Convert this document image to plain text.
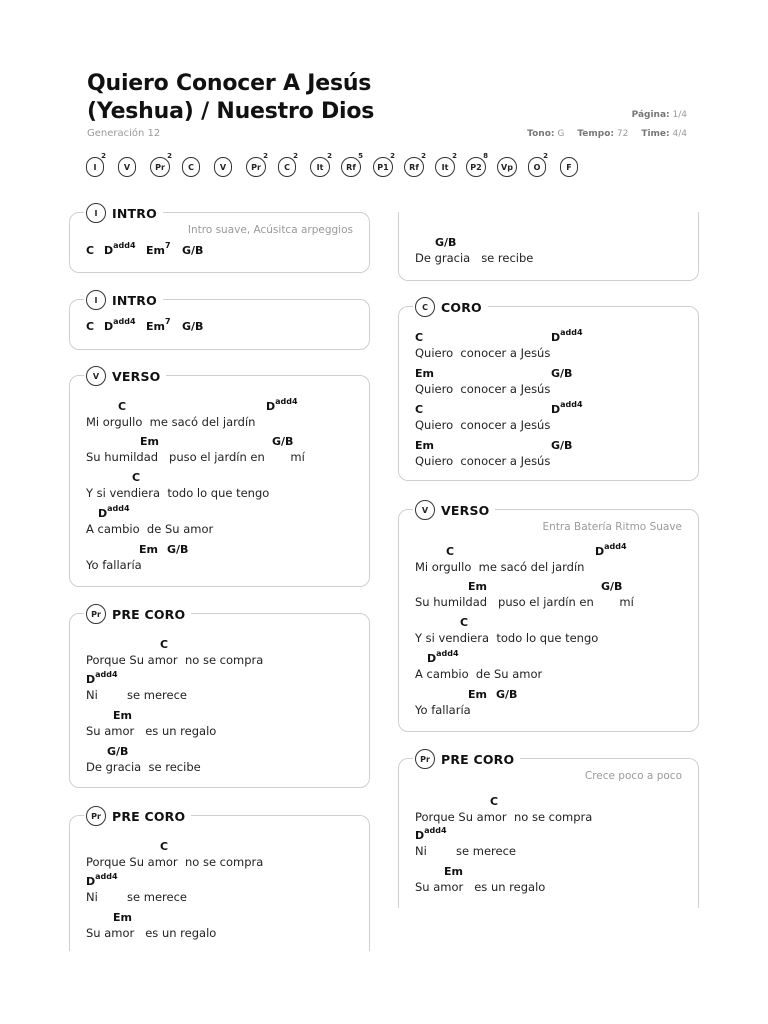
Quiero Conocer A Jesús
(Yeshua) / Nuestro Dios
Generación 12
Página: 1/4
Tono: G Tempo: 72 Time: 4/4
I
2
V	Pr
2
C	V	Pr
2
C
2
It
2
Rf
5
P1
2
Rf
2
It
2
P2
8
Vp	O
2
F
I	INTRO
Intro suave, Acúsitca arpeggios
C $D^{add4}$ Em$^7$ G/B
I	INTRO
C $D^{add4}$ Em$^7$ G/B
V	VERSO
C	$D^{add4}$
Mi orgullo  me sacó del jardín
Em	G/B
Su humildad   puso el jardín en       mí
C
Y si vendiera  todo lo que tengo
$D^{add4}$
A cambio  de Su amor
Em G/B
Yo fallaría
Pr PRE CORO
C
Porque Su amor  no se compra
$D^{add4}$
Ni        se merece
Em
Su amor   es un regalo
G/B
De gracia  se recibe
Pr PRE CORO
C
Porque Su amor  no se compra
$D^{add4}$
Ni        se merece
Em
Su amor   es un regalo
G/B
De gracia   se recibe
C	CORO
C	$D^{add4}$
Quiero  conocer a Jesús
Em	G/B
Quiero  conocer a Jesús
C	$D^{add4}$
Quiero  conocer a Jesús
Em	G/B
Quiero  conocer a Jesús
V	VERSO
Entra Batería Ritmo Suave
C	$D^{add4}$
Mi orgullo  me sacó del jardín
Em	G/B
Su humildad   puso el jardín en       mí
C
Y si vendiera  todo lo que tengo
$D^{add4}$
A cambio  de Su amor
Em G/B
Yo fallaría
Pr PRE CORO
Crece poco a poco
C
Porque Su amor  no se compra
$D^{add4}$
Ni        se merece
Em
Su amor   es un regalo
